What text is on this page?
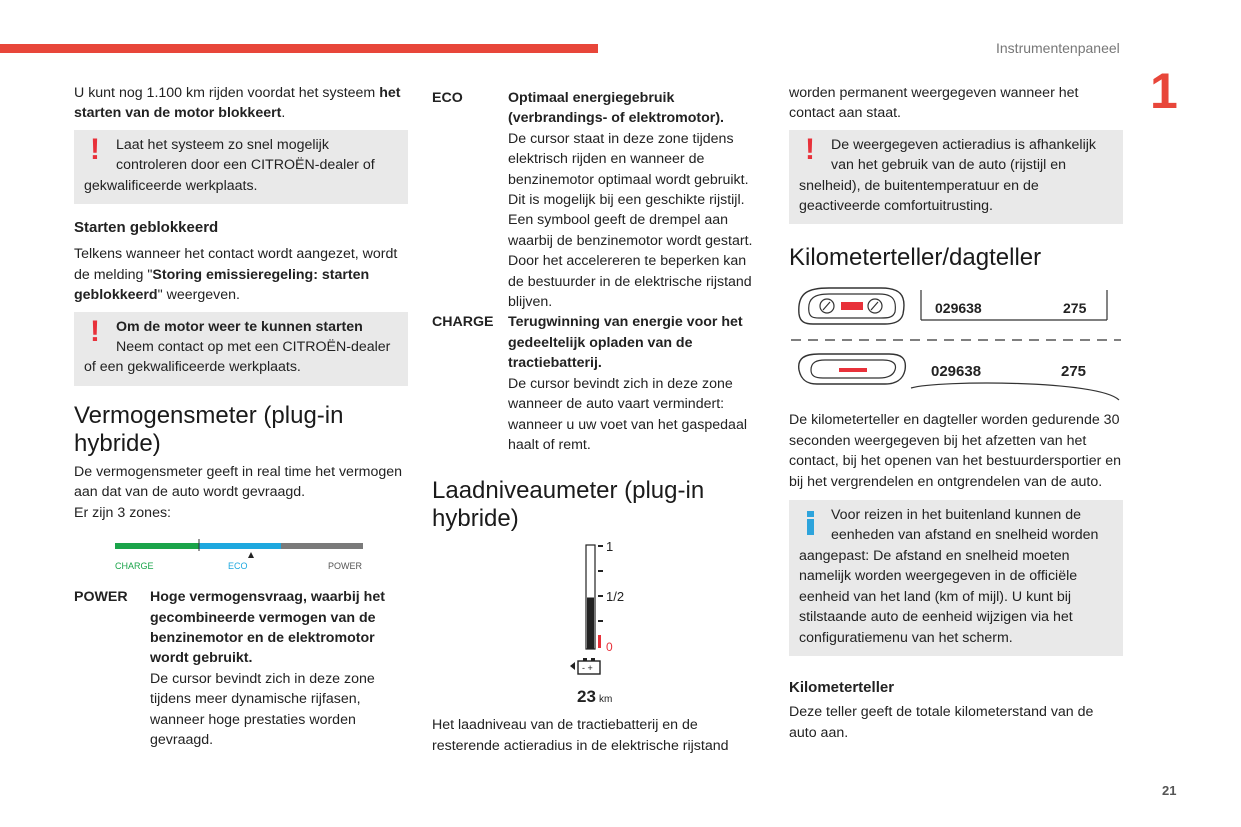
Instrumentenpaneel
1
21

U kunt nog 1.100 km rijden voordat het systeem het starten van de motor blokkeert.

! Laat het systeem zo snel mogelijk controleren door een CITROËN-dealer of gekwalificeerde werkplaats.

Starten geblokkeerd

Telkens wanneer het contact wordt aangezet, wordt de melding "Storing emissieregeling: starten geblokkeerd" weergeven.

! Om de motor weer te kunnen starten
Neem contact op met een CITROËN-dealer of een gekwalificeerde werkplaats.

Vermogensmeter (plug-in hybride)

De vermogensmeter geeft in real time het vermogen aan dat van de auto wordt gevraagd.

Er zijn 3 zones:

CHARGE	ECO	POWER
POWER	Hoge vermogensvraag, waarbij het gecombineerde vermogen van de benzinemotor en de elektromotor wordt gebruikt.
De cursor bevindt zich in deze zone tijdens meer dynamische rijfasen, wanneer hoge prestaties worden gevraagd.
ECO	Optimaal energiegebruik (verbrandings- of elektromotor).
De cursor staat in deze zone tijdens elektrisch rijden en wanneer de benzinemotor optimaal wordt gebruikt. Dit is mogelijk bij een geschikte rijstijl. Een symbool geeft de drempel aan waarbij de benzinemotor wordt gestart. Door het accelereren te beperken kan de bestuurder in de elektrische rijstand blijven.
CHARGE	Terugwinning van energie voor het gedeeltelijk opladen van de tractiebatterij.
De cursor bevindt zich in deze zone wanneer de auto vaart vermindert: wanneer u uw voet van het gaspedaal haalt of remt.

Laadniveaumeter (plug-in hybride)

1
1/2
0
- +
23 km

Het laadniveau van de tractiebatterij en de resterende actieradius in de elektrische rijstand

worden permanent weergegeven wanneer het contact aan staat.

! De weergegeven actieradius is afhankelijk van het gebruik van de auto (rijstijl en snelheid), de buitentemperatuur en de geactiveerde comfortuitrusting.

Kilometerteller/dagteller

029638	275
029638	275

De kilometerteller en dagteller worden gedurende 30 seconden weergegeven bij het afzetten van het contact, bij het openen van het bestuurdersportier en bij het vergrendelen en ontgrendelen van de auto.

Voor reizen in het buitenland kunnen de eenheden van afstand en snelheid worden aangepast: De afstand en snelheid moeten namelijk worden weergegeven in de officiële eenheid van het land (km of mijl). U kunt bij stilstaande auto de eenheid wijzigen via het configuratiemenu van het scherm.

Kilometerteller

Deze teller geeft de totale kilometerstand van de auto aan.
